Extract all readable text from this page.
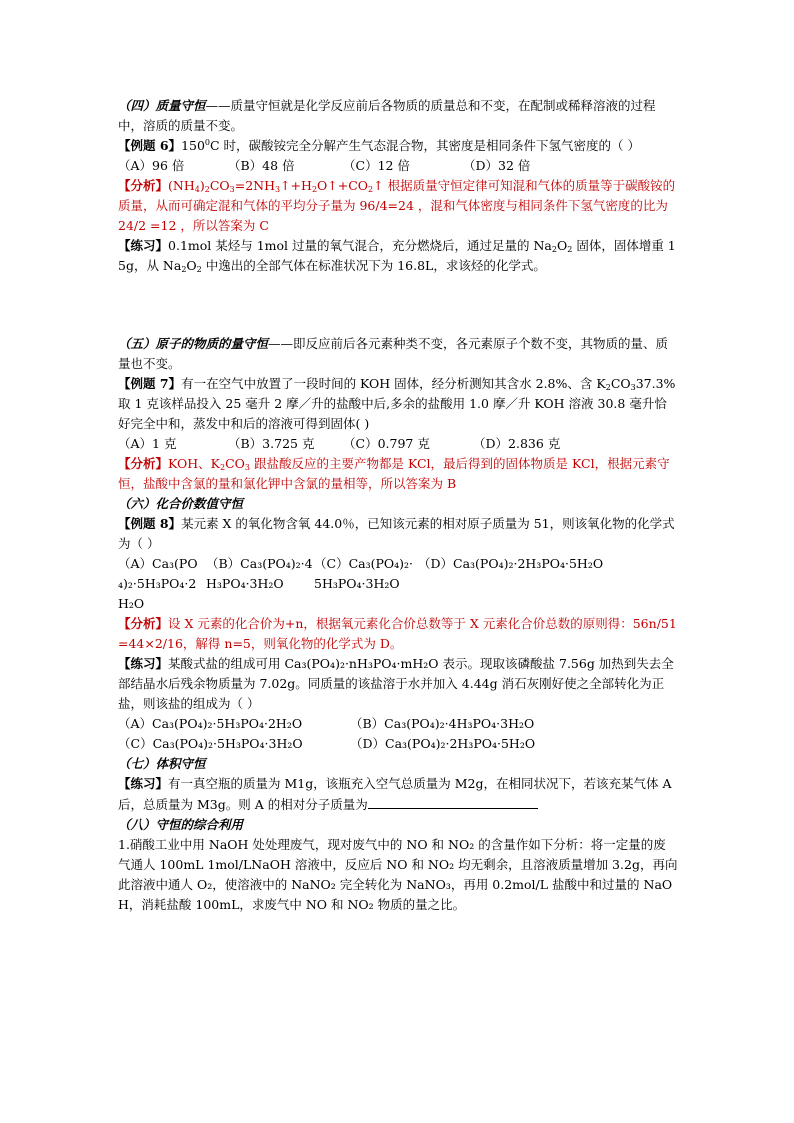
（四）质量守恒——质量守恒就是化学反应前后各物质的质量总和不变，在配制或稀释溶液的过程中，溶质的质量不变。

【例题 6】$150^0C$ 时，碳酸铵完全分解产生气态混合物，其密度是相同条件下氢气密度的（ ）

（A）96 倍	（B）48 倍	（C）12 倍	（D）32 倍

【分析】$(NH_4)_2CO_3=2NH_3↑+H_2O↑+CO_2↑$ 根据质量守恒定律可知混和气体的质量等于碳酸铵的质量，从而可确定混和气体的平均分子量为 96/4=24 ，混和气体密度与相同条件下氢气密度的比为 24/2 =12 ，所以答案为 C

【练习】0.1mol 某烃与 1mol 过量的氧气混合，充分燃烧后，通过足量的 $Na_2O_2$ 固体，固体增重 15g，从 $Na_2O_2$ 中逸出的全部气体在标准状况下为 16.8L，求该烃的化学式。

（五）原子的物质的量守恒——即反应前后各元素种类不变，各元素原子个数不变，其物质的量、质量也不变。

【例题 7】有一在空气中放置了一段时间的 KOH 固体，经分析测知其含水 2.8%、含 $K_2CO_337.3\%$ 取 1 克该样品投入 25 毫升 2 摩／升的盐酸中后,多余的盐酸用 1.0 摩／升 KOH 溶液 30.8 毫升恰好完全中和，蒸发中和后的溶液可得到固体( )

（A）1 克	（B）3.725 克	（C）0.797 克	（D）2.836 克

【分析】KOH、$K_2CO_3$ 跟盐酸反应的主要产物都是 KCl，最后得到的固体物质是 KCl，根据元素守恒，盐酸中含氯的量和氯化钾中含氯的量相等，所以答案为 B

（六）化合价数值守恒

【例题 8】某元素 X 的氧化物含氧 44.0％，已知该元素的相对原子质量为 51，则该氧化物的化学式为（ ）

（A）Ca₃(PO₄)₂·5H₃PO₄·2H₂O
（B）Ca₃(PO₄)₂·4H₃PO₄·3H₂O
（C）Ca₃(PO₄)₂·5H₃PO₄·3H₂O
（D）Ca₃(PO₄)₂·2H₃PO₄·5H₂O

【分析】设 X 元素的化合价为+n，根据氧元素化合价总数等于 X 元素化合价总数的原则得：56n/51=44×2/16，解得 n=5，则氧化物的化学式为 D。

【练习】某酸式盐的组成可用 Ca₃(PO₄)₂·nH₃PO₄·mH₂O 表示。现取该磷酸盐 7.56g 加热到失去全部结晶水后残余物质量为 7.02g。同质量的该盐溶于水并加入 4.44g 消石灰刚好使之全部转化为正盐，则该盐的组成为（ ）

（A）Ca₃(PO₄)₂·5H₃PO₄·2H₂O	（B）Ca₃(PO₄)₂·4H₃PO₄·3H₂O
（C）Ca₃(PO₄)₂·5H₃PO₄·3H₂O	（D）Ca₃(PO₄)₂·2H₃PO₄·5H₂O

（七）体积守恒

【练习】有一真空瓶的质量为 M1g，该瓶充入空气总质量为 M2g，在相同状况下，若该充某气体 A 后，总质量为 M3g。则 A 的相对分子质量为

（八）守恒的综合利用

1.硝酸工业中用 NaOH 处处理废气，现对废气中的 NO 和 NO₂ 的含量作如下分析：将一定量的废气通人 100mL 1mol/LNaOH 溶液中，反应后 NO 和 NO₂ 均无剩余，且溶液质量增加 3.2g，再向此溶液中通人 O₂，使溶液中的 NaNO₂ 完全转化为 NaNO₃，再用 0.2mol/L 盐酸中和过量的 NaOH，消耗盐酸 100mL，求废气中 NO 和 NO₂ 物质的量之比。
